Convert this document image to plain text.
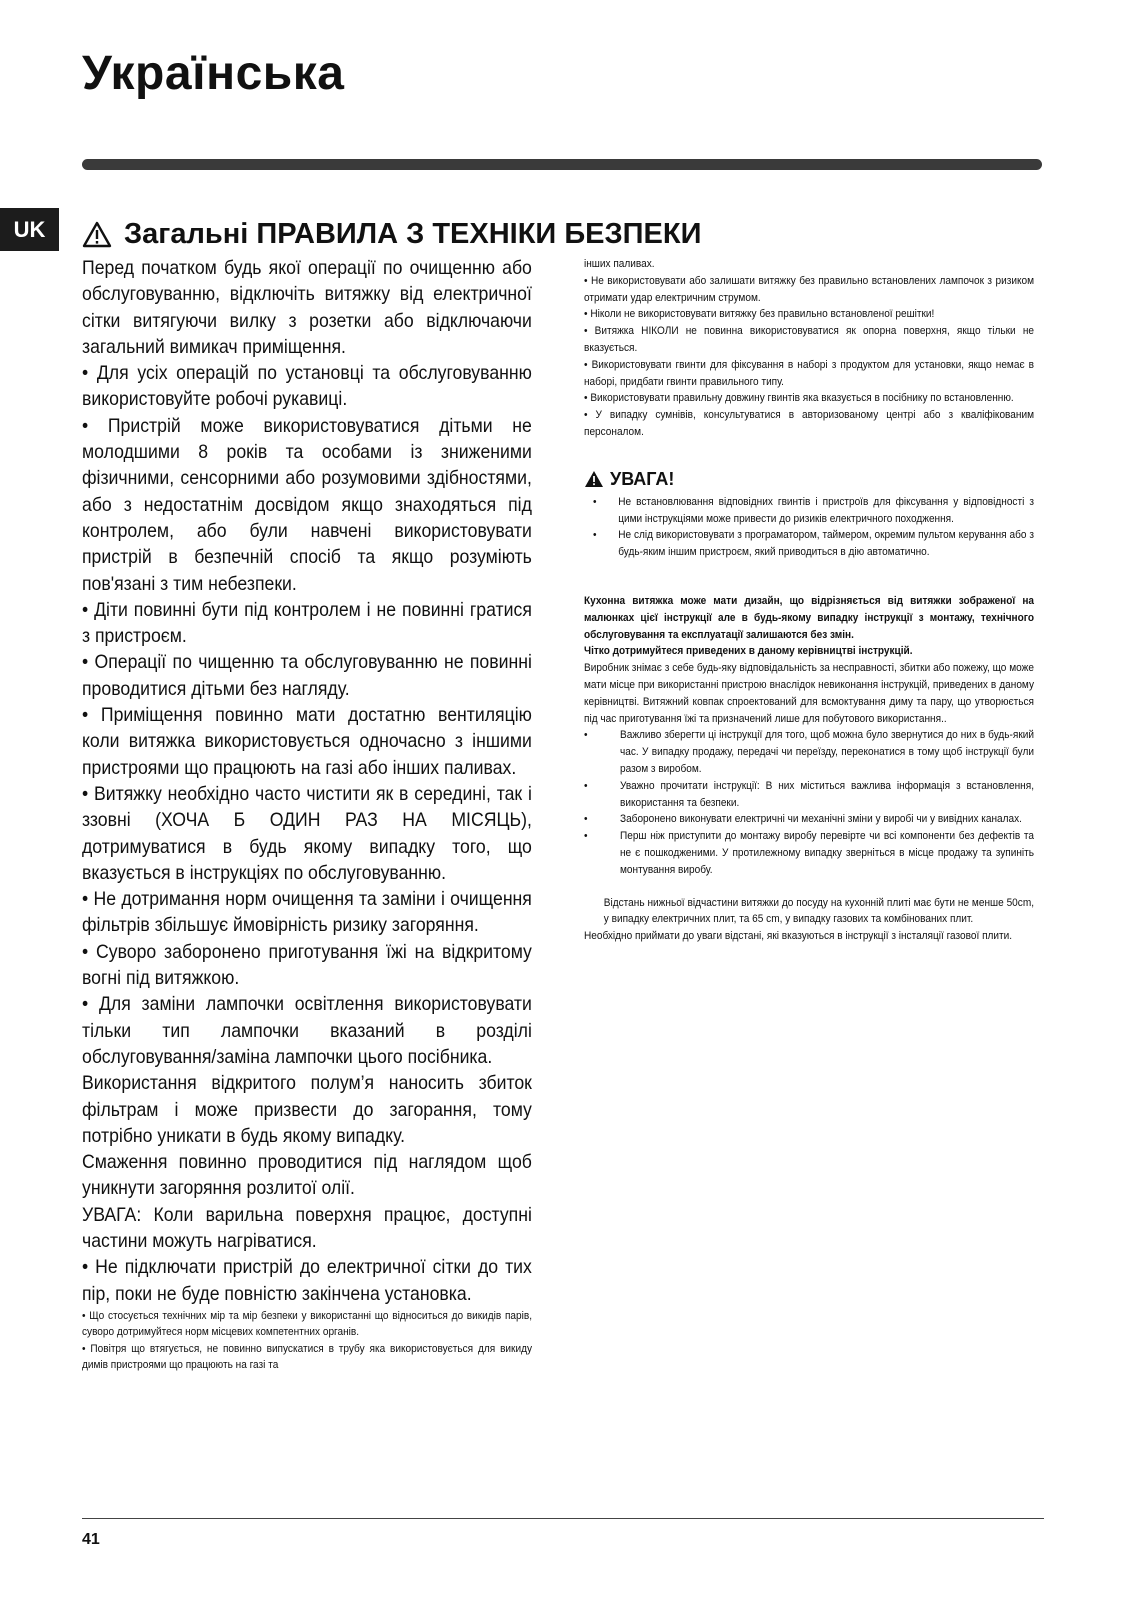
Українська
UK	Загальні ПРАВИЛА З ТЕХНІКИ БЕЗПЕКИ

Перед початком будь якої операції по очищенню або обслуговуванню, відключіть витяжку від електричної сітки витягуючи вилку з розетки або відключаючи загальний вимикач приміщення.

• Для усіх операцій по установці та обслуговуванню використовуйте робочі рукавиці.

• Пристрій може використовуватися дітьми не молодшими 8 років та особами із зниженими фізичними, сенсорними або розумовими здібностями, або з недостатнім досвідом якщо знаходяться під контролем, або були навчені використовувати пристрій в безпечній спосіб та якщо розуміють пов'язані з тим небезпеки.

• Діти повинні бути під контролем і не повинні гратися з пристроєм.

• Операції по чищенню та обслуговуванню не повинні проводитися дітьми без нагляду.

• Приміщення повинно мати достатню вентиляцію коли витяжка використовується одночасно з іншими пристроями що працюють на газі або інших паливах.

• Витяжку необхідно часто чистити як в середині, так і ззовні (ХОЧА Б ОДИН РАЗ НА МІСЯЦЬ), дотримуватися в будь якому випадку того, що вказується в інструкціях по обслуговуванню.

• Не дотримання норм очищення та заміни і очищення фільтрів збільшує ймовірність ризику загоряння.

• Суворо заборонено приготування їжі на відкритому вогні під витяжкою.

• Для заміни лампочки освітлення використовувати тільки тип лампочки вказаний в розділі обслуговування/заміна лампочки цього посібника.

Використання відкритого полум’я наносить збиток фільтрам і може призвести до загорання, тому потрібно уникати в будь якому випадку.

Смаження повинно проводитися під наглядом щоб уникнути загоряння розлитої олії.

УВАГА: Коли варильна поверхня працює, доступні частини можуть нагріватися.

• Не підключати пристрій до електричної сітки до тих пір, поки не буде повністю закінчена установка.

• Що стосується технічних мір та мір безпеки у використанні що відноситься до викидів парів, суворо дотримуйтеся норм місцевих компетентних органів.

• Повітря що втягується, не повинно випускатися в трубу яка використовується для викиду димів пристроями що працюють на газі та

інших паливах.

• Не використовувати або залишати витяжку без правильно встановлених лампочок з ризиком отримати удар електричним струмом.

• Ніколи не використовувати витяжку без правильно встановленої решітки!

• Витяжка НІКОЛИ не повинна використовуватися як опорна поверхня, якщо тільки не вказується.

• Використовувати гвинти для фіксування в наборі з продуктом для установки, якщо немає в наборі, придбати гвинти правильного типу.

• Використовувати правильну довжину гвинтів яка вказується в посібнику по встановленню.

• У випадку сумнівів, консультуватися в авторизованому центрі або з кваліфікованим персоналом.

УВАГА!
•	Не встановлювання відповідних гвинтів і пристроїв для фіксування у відповідності з цими інструкціями може привести до ризиків електричного походження.
•	Не слід використовувати з програматором, таймером, окремим пультом керування або з будь-яким іншим пристроєм, який приводиться в дію автоматично.

Кухонна витяжка може мати дизайн, що відрізняється від витяжки зображеної на малюнках цієї інструкції але в будь-якому випадку інструкції з монтажу, технічного обслуговування та експлуатації залишаются без змін.

Чітко дотримуйтеся приведених в даному керівництві інструкцій.

Виробник знімає з себе будь-яку відповідальність за несправності, збитки або пожежу, що може мати місце при використанні пристрою внаслідок невиконання інструкцій, приведених в даному керівництві. Витяжний ковпак спроектований для всмоктування диму та пару, що утворюється під час приготування їжі та призначений лише для побутового використання..

•	Важливо зберегти ці інструкції для того, щоб можна було звернутися до них в будь-який час. У випадку продажу, передачі чи переїзду, переконатися в тому щоб інструкції були разом з виробом.
•	Уважно прочитати інструкції: В них міститься важлива інформація з встановлення, використання та безпеки.
•	Заборонено виконувати електричні чи механічні зміни у виробі чи у вивідних каналах.
•	Перш ніж приступити до монтажу виробу перевірте чи всі компоненти без дефектів та не є пошкодженими. У протилежному випадку зверніться в місце продажу та зупиніть монтування виробу.

Відстань нижньої відчастини витяжки до посуду на кухонній плиті має бути не менше 50cm, у випадку електричних плит, та 65 cm, у випадку газових та комбінованих плит.

Необхідно приймати до уваги відстані, які вказуються в інструкції з інсталяції газової плити.

41
